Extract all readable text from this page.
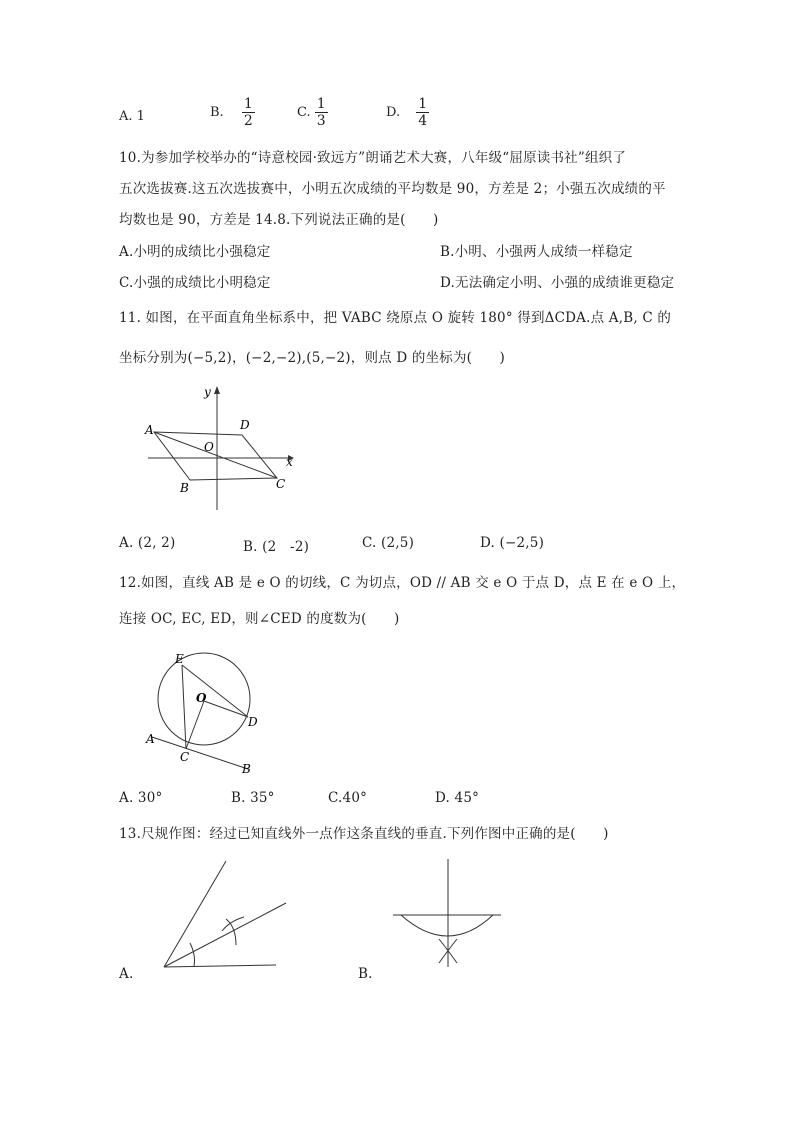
A. 1	B. $\frac{1}{2}$	C. $\frac{1}{3}$	D. $\frac{1}{4}$
10.为参加学校举办的“诗意校园·致远方”朗诵艺术大赛，八年级“屈原读书社”组织了
五次选拔赛.这五次选拔赛中，小明五次成绩的平均数是 90，方差是 2；小强五次成绩的平
均数也是 90，方差是 14.8.下列说法正确的是(　　)
A.小明的成绩比小强稳定	B.小明、小强两人成绩一样稳定
C.小强的成绩比小明稳定	D.无法确定小明、小强的成绩谁更稳定
11. 如图，在平面直角坐标系中，把 VABC 绕原点 O 旋转 180° 得到ΔCDA.点 A,B, C 的
坐标分别为(−5,2)，(−2,−2),(5,−2)，则点 D 的坐标为(　　)
y
x
A	D
O
B	C
A. (2, 2)	B. (2　-2)	C. (2,5)	D. (−2,5)
12.如图，直线 AB 是 e O 的切线，C 为切点，OD // AB 交 e O 于点 D，点 E 在 e O 上，
连接 OC, EC, ED，则∠CED 的度数为(　　)
E
O
D
A
C
B
A. 30°	B. 35°	C.40°	D. 45°
13.尺规作图：经过已知直线外一点作这条直线的垂直.下列作图中正确的是(　　)
A.	B.
